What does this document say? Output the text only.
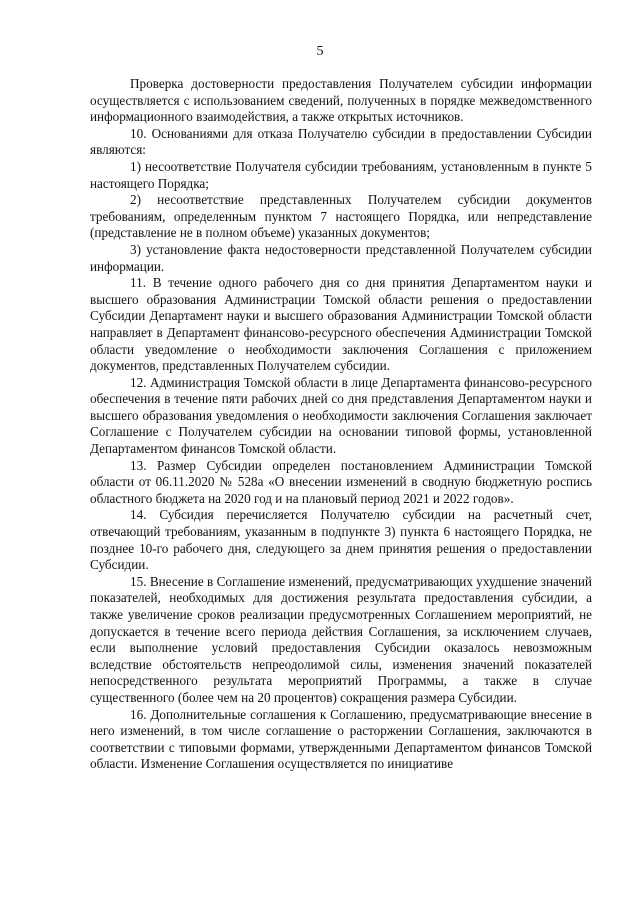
5

Проверка достоверности предоставления Получателем субсидии информации осуществляется с использованием сведений, полученных в порядке межведомственного информационного взаимодействия, а также открытых источников.

10. Основаниями для отказа Получателю субсидии в предоставлении Субсидии являются:

1) несоответствие Получателя субсидии требованиям, установленным в пункте 5 настоящего Порядка;

2) несоответствие представленных Получателем субсидии документов требованиям, определенным пунктом 7 настоящего Порядка, или непредставление (представление не в полном объеме) указанных документов;

3) установление факта недостоверности представленной Получателем субсидии информации.

11. В течение одного рабочего дня со дня принятия Департаментом науки и высшего образования Администрации Томской области решения о предоставлении Субсидии Департамент науки и высшего образования Администрации Томской области направляет в Департамент финансово-ресурсного обеспечения Администрации Томской области уведомление о необходимости заключения Соглашения с приложением документов, представленных Получателем субсидии.

12. Администрация Томской области в лице Департамента финансово-ресурсного обеспечения в течение пяти рабочих дней со дня представления Департаментом науки и высшего образования уведомления о необходимости заключения Соглашения заключает Соглашение с Получателем субсидии на основании типовой формы, установленной Департаментом финансов Томской области.

13. Размер Субсидии определен постановлением Администрации Томской области от 06.11.2020 № 528а «О внесении изменений в сводную бюджетную роспись областного бюджета на 2020 год и на плановый период 2021 и 2022 годов».

14. Субсидия перечисляется Получателю субсидии на расчетный счет, отвечающий требованиям, указанным в подпункте 3) пункта 6 настоящего Порядка, не позднее 10-го рабочего дня, следующего за днем принятия решения о предоставлении Субсидии.

15. Внесение в Соглашение изменений, предусматривающих ухудшение значений показателей, необходимых для достижения результата предоставления субсидии, а также увеличение сроков реализации предусмотренных Соглашением мероприятий, не допускается в течение всего периода действия Соглашения, за исключением случаев, если выполнение условий предоставления Субсидии оказалось невозможным вследствие обстоятельств непреодолимой силы, изменения значений показателей непосредственного результата мероприятий Программы, а также в случае существенного (более чем на 20 процентов) сокращения размера Субсидии.

16. Дополнительные соглашения к Соглашению, предусматривающие внесение в него изменений, в том числе соглашение о расторжении Соглашения, заключаются в соответствии с типовыми формами, утвержденными Департаментом финансов Томской области. Изменение Соглашения осуществляется по инициативе
